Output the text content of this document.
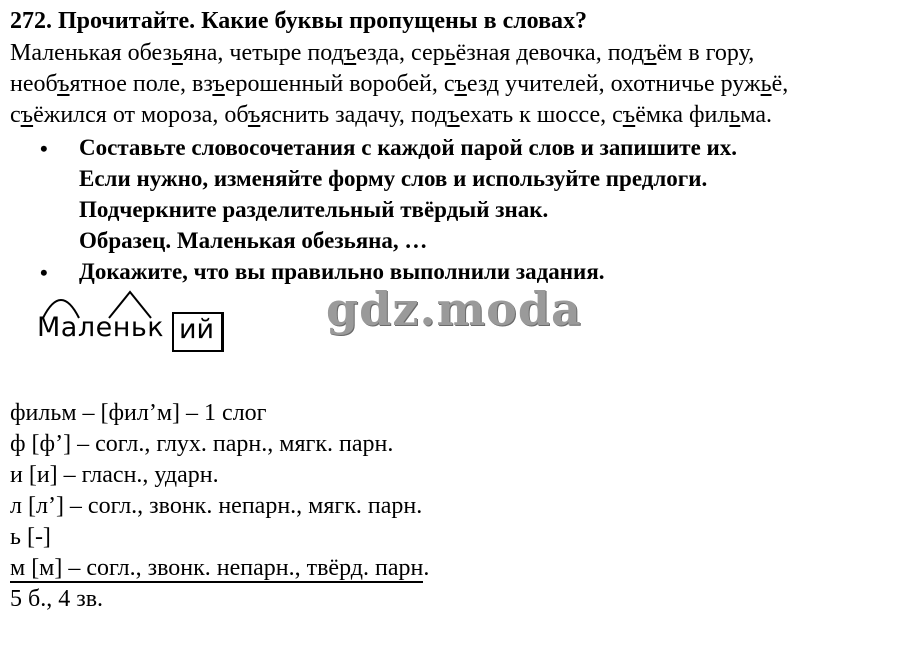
272. Прочитайте. Какие буквы пропущены в словах?
Маленькая обезьяна, четыре подъезда, серьёзная девочка, подъём в гору,
необъятное поле, взъерошенный воробей, съезд учителей, охотничье ружьё,
съёжился от мороза, объяснить задачу, подъехать к шоссе, съёмка фильма.
• Составьте словосочетания с каждой парой слов и запишите их.
Если нужно, изменяйте форму слов и используйте предлоги.
Подчеркните разделительный твёрдый знак.
Образец. Маленькая обезьяна, …
• Докажите, что вы правильно выполнили задания.
Маленьк ий gdz.moda
фильм – [фил’м] – 1 слог
ф [ф’] – согл., глух. парн., мягк. парн.
и [и] – гласн., ударн.
л [л’] – согл., звонк. непарн., мягк. парн.
ь [-]
м [м] – согл., звонк. непарн., твёрд. парн.
5 б., 4 зв.
